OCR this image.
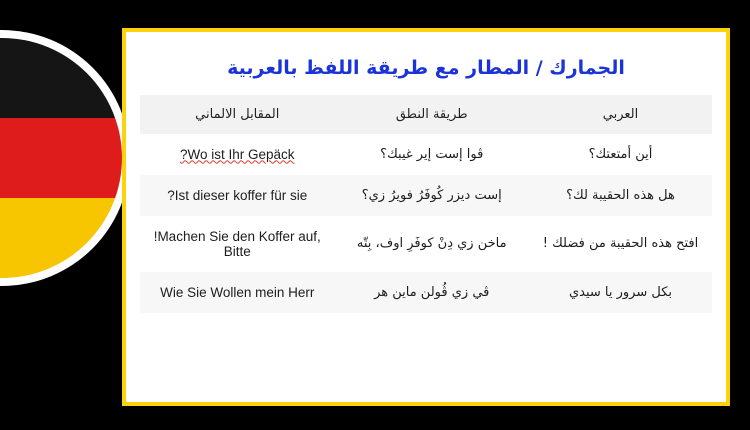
الجمارك / المطار مع طريقة اللفظ بالعربية
العربي	طريقة النطق	المقابل الالماني
أين أمتعتك؟	ڤوا إست إير غيبك؟	?Wo ist Ihr Gepäck
هل هذه الحقيبة لك؟	إست ديزر كُوفَرُ فويرُ زي؟	?Ist dieser koffer für sie
افتح هذه الحقيبة من فضلك !	ماخن زي دِنْ كوفَرِ اوف، بِتّه	!Machen Sie den Koffer auf, Bitte
بكل سرور يا سيدي	ڤي زي ڤُولن ماين هر	Wie Sie Wollen mein Herr
